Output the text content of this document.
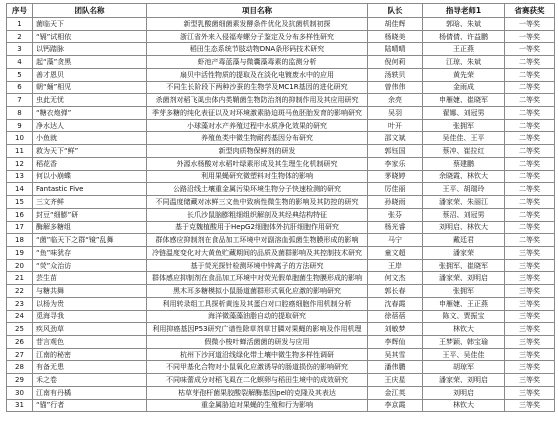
序号	团队名称	项目名称	队长	指导老师1	省赛获奖
1	菌临天下	新型乳酸菌细菌素发酵条件优化及抗菌机制初探	胡佳辉	郭晗、朱斌	一等奖
2	“镉”试相依	浙江省外来入侵福寿螺分子鉴定及分布多样性研究	杨晓美	杨倩倩、许益鹏	一等奖
3	以钙踏脉	稻田生态系统节肢动物DNA条形码技术研究	陆晴晴	王正燕	一等奖
4	起“藻”贪黑	虾池产毒蓝藻与微囊藻毒素的监测分析	倪何莉	江琼、朱斌	二等奖
5	善才恩贝	扇贝中活性物质的提取及在淡化电镀废水中的应用	汤轶贝	黄先荣	二等奖
6	朝“蛹”相见	不同生长阶段下两种沙蚕的生物学及MC1R基因的进化研究	曾伟伟	金雨成	二等奖
7	虫此无忧	杀菌剂对稻飞虱虫体内类鞘菌生物防治剂的抑制作用及其应用研究	余亮	申雁婕、崔晓军	二等奖
8	“糖衣炮弹”	季芽多糖的纯化表征以及对环境激素胁迫斑马鱼胚胎发育的影响研究	吴羽	翟娜、刘冠男	二等奖
9	净水达人	小球藻对水产养殖过程中水质净化效果的研究	叶开	张拥军	二等奖
10	小鱼就	养殖鱼类中微生物耐药基因分布研究	邵文斌	吴佳佳、王平	二等奖
11	救为天下“鲜”	新型肉质物保鲜剂的研发	郭钰国	蔡冲、崔拉红	二等奖
12	稻花香	外源水杨酸对水稻叶绿素形成及其生理生化机制研究	李家乐	蔡建鹏	二等奖
13	何以小崩蝶	利用果蝇研究微塑料对生物体的影响	茅晓婷	余晓霞、林钦大	二等奖
14	Fantastic Five	公路沿线土壤重金属污染环境生物分子快速检测的研究	厉佳丽	王平、胡瑞玲	二等奖
15	三文齐鲜	不同温度储藏对冰鲜三文鱼中致病性微生物的影响及其防控的研究	孙晓雨	潘家荣、朱丽江	二等奖
16	封豆“细膨”研	长爪沙鼠脑膨粗细组织解剖及其经典结构特征	张芬	蔡沼、刘冠男	二等奖
17	酶解多糖组	基于克魏植酸用于HepG2细胞体外抗肝细胞作用研究	杨光睿	刘明启、林钦大	二等奖
18	“菌”临天下之群“镜”乱舞	群体感应抑制剂在食品加工环境中对副溶血弧菌生物膜形成的影响	马宁	戴廷君	二等奖
19	“鱼”味犹存	冷链温度变化对大黄鱼贮藏期间的品质及菌群影响及其控制技术研究	童文超	潘家荣	三等奖
20	“荧”众治访	基于荧光探针检测环境中锌离子的方法研究	王岸	张拥军、崔晓军	三等奖
21	芸生苗	群体感应抑制剂在食品加工环境中对荧光假单胞菌生物膜形成的影响	何文杰	潘家荣、刘明启	三等奖
22	与糖共舞	黑木耳多糖模拟小鼠肠道菌群形式氧化应激的影响研究	郭长春	张拥军	三等奖
23	以杨为贵	利用转录组工具探析黄连及其蛋白对口腔癌细胞作用机制分析	沈春霞	申雁婕、王正燕	三等奖
24	觅海寻我	海洋微藻藻油脂自动的提取研究	徐蓓蓓	陈文、贾振宝	三等奖
25	疾风劲草	利用抑癌基因P53研究广谱性除草剂草甘膦对果蝇的影响及作用机理	刘敏梦	林钦大	三等奖
26	苷言观色	假微小梭叶蝉活菌菌的研发与应用	李辉仙	王梦颖、韩宝瑜	三等奖
27	江南的秘密	杭州下沙河道沿线绿化带土壤中微生物多样性调研	吴其雪	王平、吴佳佳	三等奖
28	有备无患	不同甲基化合物对小鼠氧化应激诱导的肠道损伤的影响研究	潘伟鹏	胡琼军	三等奖
29	禾之卷	不同味蕾成分对稻飞虱在二化螟卵与稻田生境中的成效研究	王庆星	潘家荣、刘明启	三等奖
30	江南有丹橘	枯草芽孢杆菌果胶酸裂解酶基因pel的克隆及其表达	金江英	刘明启	三等奖
31	“锚”行者	重金属胁迫对果蝇的生殖和行为影响	李京霞	林钦大	三等奖
